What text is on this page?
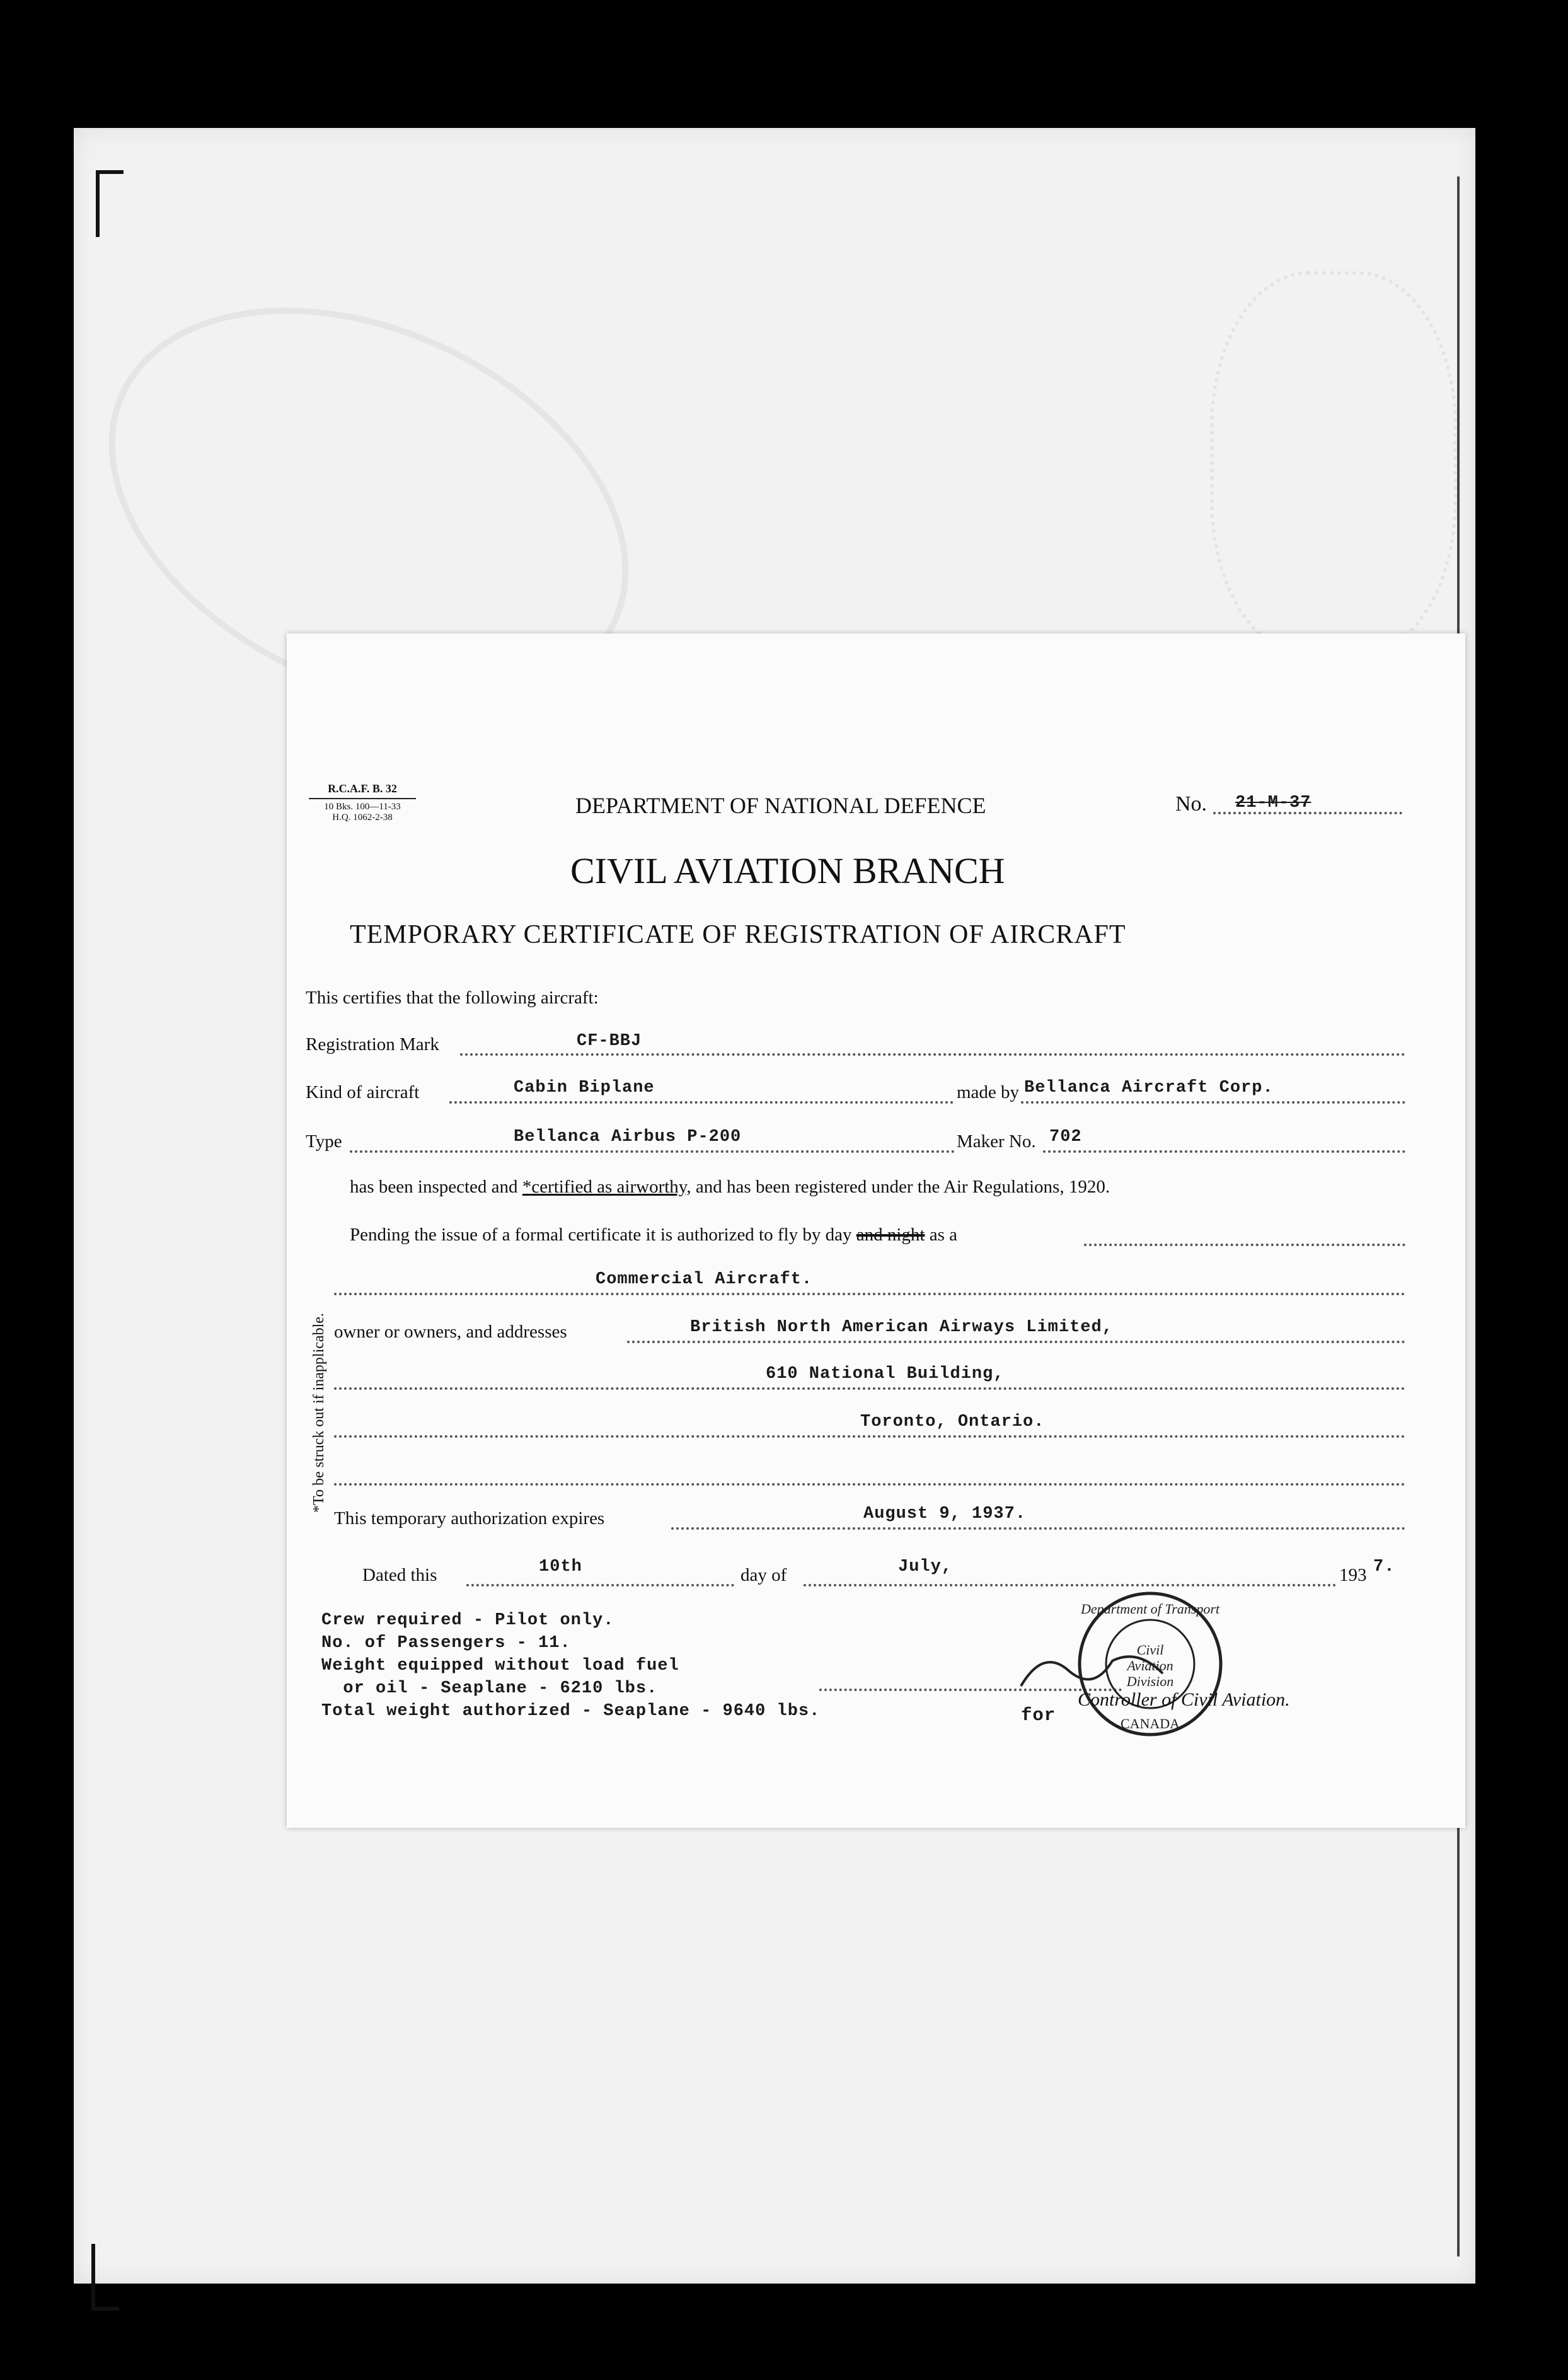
R.C.A.F. B. 32
10 Bks. 100—11-33
H.Q. 1062-2-38	DEPARTMENT OF NATIONAL DEFENCE	No. 21-M-37
CIVIL AVIATION BRANCH
TEMPORARY CERTIFICATE OF REGISTRATION OF AIRCRAFT
This certifies that the following aircraft:
Registration Mark	CF-BBJ
Kind of aircraft	Cabin Biplane	made by Bellanca Aircraft Corp.
Type	Bellanca Airbus P-200	Maker No. 702
has been inspected and *certified as airworthy, and has been registered under the Air Regulations, 1920.
Pending the issue of a formal certificate it is authorized to fly by day and night as a
Commercial Aircraft.
owner or owners, and addresses	British North American Airways Limited,
610 National Building,
Toronto, Ontario.
*To be struck out if inapplicable.
This temporary authorization expires	August 9, 1937.
Dated this	10th	day of	July,	193 7.
Crew required - Pilot only.
No. of Passengers - 11.
Weight equipped without load fuel
or oil - Seaplane - 6210 lbs.
Total weight authorized - Seaplane - 9640 lbs.	for
Department of Transport
Civil
Aviation
Division
CANADA
Controller of Civil Aviation.
